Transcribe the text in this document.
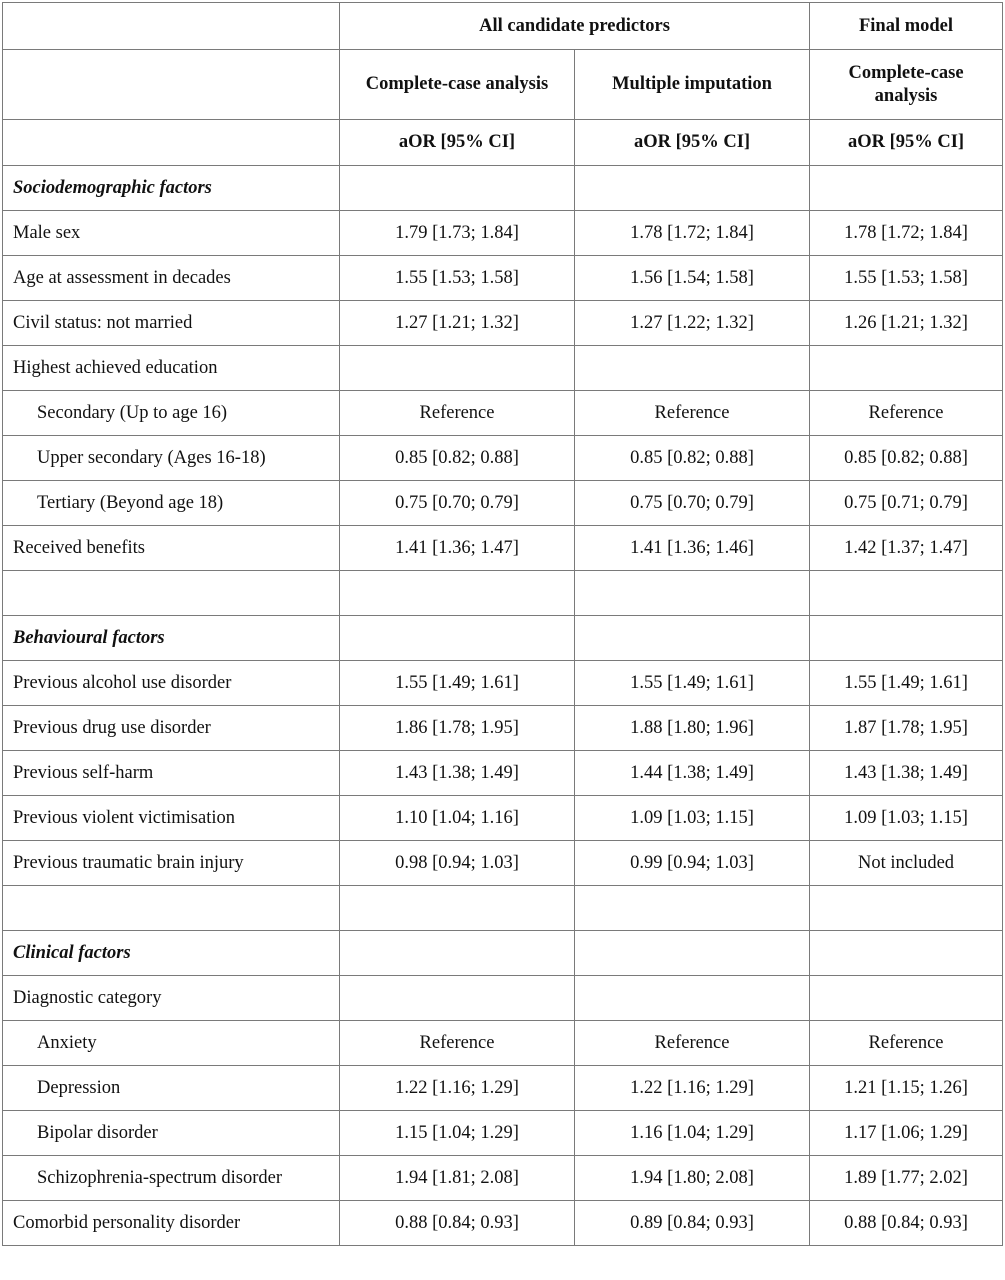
	All candidate predictors		Final model
	Complete-case analysis	Multiple imputation	Complete-case analysis
	aOR [95% CI]	aOR [95% CI]	aOR [95% CI]
Sociodemographic factors			
Male sex	1.79 [1.73; 1.84]	1.78 [1.72; 1.84]	1.78 [1.72; 1.84]
Age at assessment in decades	1.55 [1.53; 1.58]	1.56 [1.54; 1.58]	1.55 [1.53; 1.58]
Civil status: not married	1.27 [1.21; 1.32]	1.27 [1.22; 1.32]	1.26 [1.21; 1.32]
Highest achieved education			
Secondary (Up to age 16)	Reference	Reference	Reference
Upper secondary (Ages 16-18)	0.85 [0.82; 0.88]	0.85 [0.82; 0.88]	0.85 [0.82; 0.88]
Tertiary (Beyond age 18)	0.75 [0.70; 0.79]	0.75 [0.70; 0.79]	0.75 [0.71; 0.79]
Received benefits	1.41 [1.36; 1.47]	1.41 [1.36; 1.46]	1.42 [1.37; 1.47]

Behavioural factors			
Previous alcohol use disorder	1.55 [1.49; 1.61]	1.55 [1.49; 1.61]	1.55 [1.49; 1.61]
Previous drug use disorder	1.86 [1.78; 1.95]	1.88 [1.80; 1.96]	1.87 [1.78; 1.95]
Previous self-harm	1.43 [1.38; 1.49]	1.44 [1.38; 1.49]	1.43 [1.38; 1.49]
Previous violent victimisation	1.10 [1.04; 1.16]	1.09 [1.03; 1.15]	1.09 [1.03; 1.15]
Previous traumatic brain injury	0.98 [0.94; 1.03]	0.99 [0.94; 1.03]	Not included

Clinical factors			
Diagnostic category			
Anxiety	Reference	Reference	Reference
Depression	1.22 [1.16; 1.29]	1.22 [1.16; 1.29]	1.21 [1.15; 1.26]
Bipolar disorder	1.15 [1.04; 1.29]	1.16 [1.04; 1.29]	1.17 [1.06; 1.29]
Schizophrenia-spectrum disorder	1.94 [1.81; 2.08]	1.94 [1.80; 2.08]	1.89 [1.77; 2.02]
Comorbid personality disorder	0.88 [0.84; 0.93]	0.89 [0.84; 0.93]	0.88 [0.84; 0.93]
